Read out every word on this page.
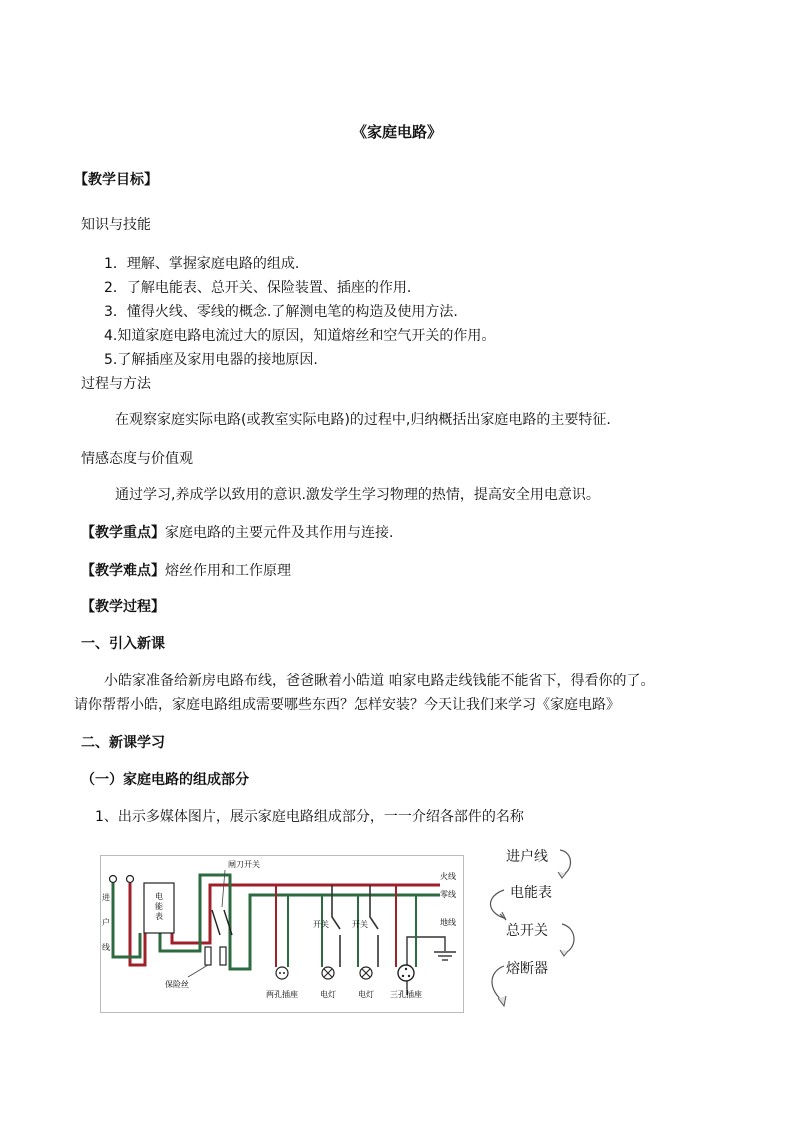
《家庭电路》
【教学目标】
知识与技能
1．理解、掌握家庭电路的组成.
2．了解电能表、总开关、保险装置、插座的作用.
3．懂得火线、零线的概念.了解测电笔的构造及使用方法.
4.知道家庭电路电流过大的原因，知道熔丝和空气开关的作用。
5.了解插座及家用电器的接地原因.
过程与方法
在观察家庭实际电路(或教室实际电路)的过程中,归纳概括出家庭电路的主要特征.
情感态度与价值观
通过学习,养成学以致用的意识.激发学生学习物理的热情，提高安全用电意识。
【教学重点】家庭电路的主要元件及其作用与连接.
【教学难点】熔丝作用和工作原理
【教学过程】
一、引入新课
小皓家准备给新房电路布线，爸爸瞅着小皓道 咱家电路走线钱能不能省下，得看你的了。
请你帮帮小皓，家庭电路组成需要哪些东西？怎样安装？今天让我们来学习《家庭电路》
二、新课学习
（一）家庭电路的组成部分
1、出示多媒体图片，展示家庭电路组成部分，一一介绍各部件的名称
电
能
表
闸刀开关
保险丝
进
户
线
火线
零线
地线
开关	开关
两孔插座	电灯	电灯 三孔插座
进户线
电能表
总开关
熔断器
